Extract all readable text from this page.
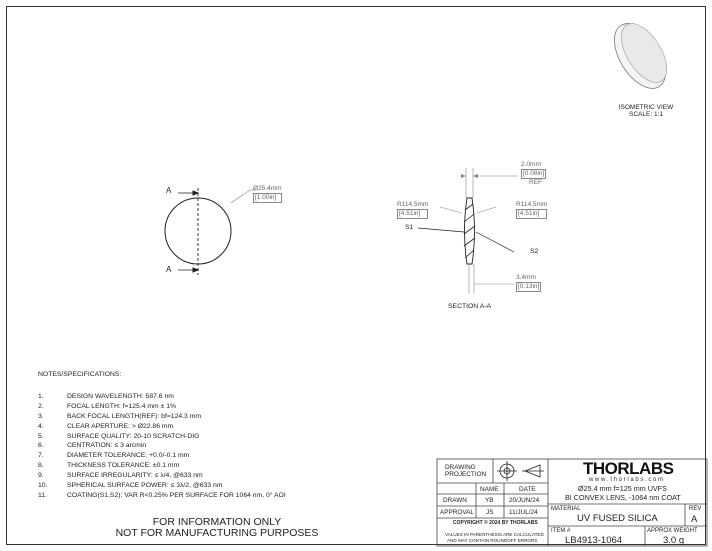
ISOMETRIC VIEW
SCALE: 1:1
A
A
Ø25.4mm
[1.00in]
2.0mm
[0.08in]
REF
R114.5mm
[4.51in]
R114.5mm
[4.51in]
S1
S2
3.4mm
[0.13in]
SECTION A-A
NOTES/SPECIFICATIONS:
1.	DESIGN WAVELENGTH: 587.6 nm
2.	FOCAL LENGTH: f=125.4 mm ± 1%
3.	BACK FOCAL LENGTH(REF): bf=124.3 mm
4.	CLEAR APERTURE: > Ø22.86 mm
5.	SURFACE QUALITY: 20-10 SCRATCH-DIG
6.	CENTRATION: ≤ 3 arcmin
7.	DIAMETER TOLERANCE: +0.0/-0.1 mm
8.	THICKNESS TOLERANCE: ±0.1 mm
9.	SURFACE IRREGULARITY: ≤ λ/4, @633 nm
10.	SPHERICAL SURFACE POWER: ≤ 3λ/2, @633 nm
11.	COATING(S1,S2): VAR R<0.25% PER SURFACE FOR 1064 nm, 0° AOI
FOR INFORMATION ONLY
NOT FOR MANUFACTURING PURPOSES
DRAWING PROJECTION
NAME	DATE
DRAWN	YB 20/JUN/24
APPROVAL JS 11/JUL/24
COPYRIGHT © 2024 BY THORLABS
VALUES IN PARENTHESIS ARE CALCULATED
AND MAY CONTAIN ROUNDOFF ERRORS
THORLABS
w w w . t h o r l a b s . c o m
Ø25.4 mm f=125 mm UVFS
BI CONVEX LENS, -1064 nm COAT
MATERIAL
UV FUSED SILICA
REV
A
ITEM #
LB4913-1064
APPROX WEIGHT
3.0 g
